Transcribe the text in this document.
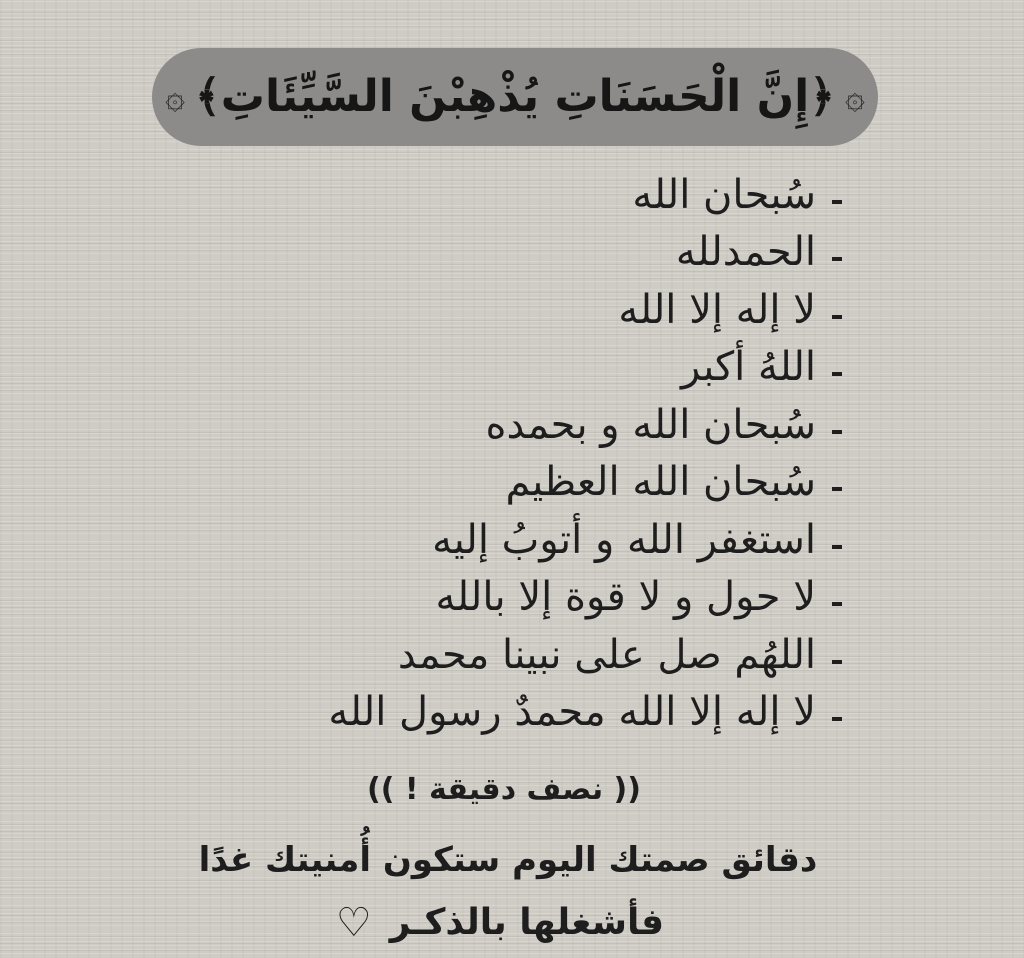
۞
﴿إِنَّ الْحَسَنَاتِ يُذْهِبْنَ السَّيِّئَاتِ﴾
۞
سُبحان الله
الحمدلله
لا إله إلا الله
اللهُ أكبر
سُبحان الله و بحمده
سُبحان الله العظيم
استغفر الله و أتوبُ إليه
لا حول و لا قوة إلا بالله
اللهُم صل على نبينا محمد
لا إله إلا الله محمدٌ رسول الله
(( نصف دقيقة ! ))
دقائق صمتك اليوم ستكون أُمنيتك غدًا
فأشغلها بالذكـر
♡
